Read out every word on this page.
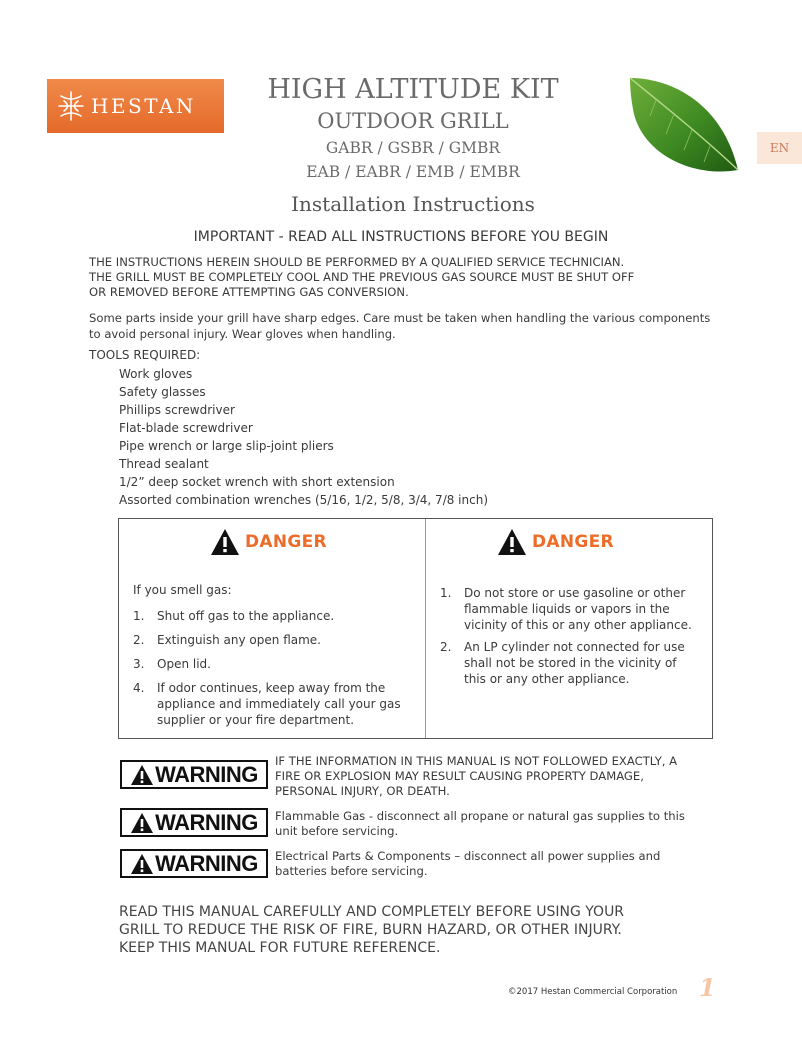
HESTAN
HIGH ALTITUDE KIT
OUTDOOR GRILL
GABR / GSBR / GMBR
EAB / EABR / EMB / EMBR
Installation Instructions
EN
IMPORTANT - READ ALL INSTRUCTIONS BEFORE YOU BEGIN
THE INSTRUCTIONS HEREIN SHOULD BE PERFORMED BY A QUALIFIED SERVICE TECHNICIAN.
THE GRILL MUST BE COMPLETELY COOL AND THE PREVIOUS GAS SOURCE MUST BE SHUT OFF
OR REMOVED BEFORE ATTEMPTING GAS CONVERSION.
Some parts inside your grill have sharp edges. Care must be taken when handling the various components
to avoid personal injury. Wear gloves when handling.
TOOLS REQUIRED:
Work gloves
Safety glasses
Phillips screwdriver
Flat-blade screwdriver
Pipe wrench or large slip-joint pliers
Thread sealant
1/2” deep socket wrench with short extension
Assorted combination wrenches (5/16, 1/2, 5/8, 3/4, 7/8 inch)
DANGER
If you smell gas:
1.	Shut off gas to the appliance.
2.	Extinguish any open flame.
3.	Open lid.
4.	If odor continues, keep away from the appliance and immediately call your gas supplier or your fire department.
DANGER
1.	Do not store or use gasoline or other flammable liquids or vapors in the vicinity of this or any other appliance.
2.	An LP cylinder not connected for use shall not be stored in the vicinity of this or any other appliance.
WARNING
IF THE INFORMATION IN THIS MANUAL IS NOT FOLLOWED EXACTLY, A FIRE OR EXPLOSION MAY RESULT CAUSING PROPERTY DAMAGE, PERSONAL INJURY, OR DEATH.
WARNING Flammable Gas - disconnect all propane or natural gas supplies to this unit before servicing.
WARNING Electrical Parts & Components – disconnect all power supplies and batteries before servicing.
READ THIS MANUAL CAREFULLY AND COMPLETELY BEFORE USING YOUR
GRILL TO REDUCE THE RISK OF FIRE, BURN HAZARD, OR OTHER INJURY.
KEEP THIS MANUAL FOR FUTURE REFERENCE.
©2017 Hestan Commercial Corporation 1
